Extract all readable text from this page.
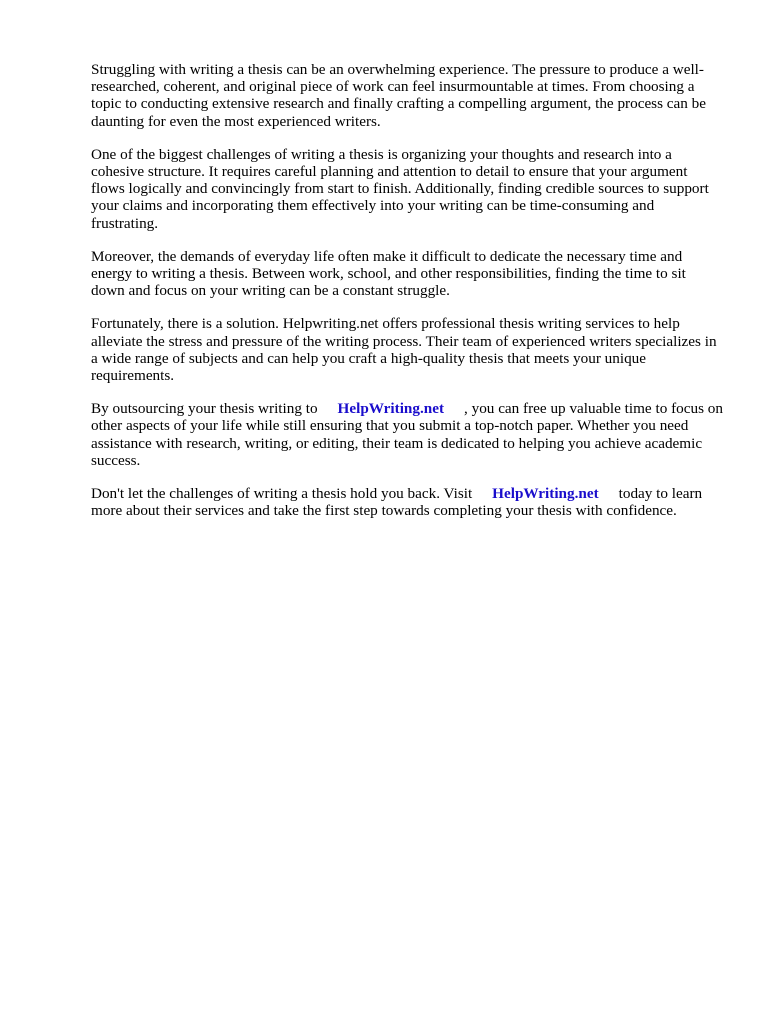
Struggling with writing a thesis can be an overwhelming experience. The pressure to produce a well-researched, coherent, and original piece of work can feel insurmountable at times. From choosing a topic to conducting extensive research and finally crafting a compelling argument, the process can be daunting for even the most experienced writers.

One of the biggest challenges of writing a thesis is organizing your thoughts and research into a cohesive structure. It requires careful planning and attention to detail to ensure that your argument flows logically and convincingly from start to finish. Additionally, finding credible sources to support your claims and incorporating them effectively into your writing can be time-consuming and frustrating.

Moreover, the demands of everyday life often make it difficult to dedicate the necessary time and energy to writing a thesis. Between work, school, and other responsibilities, finding the time to sit down and focus on your writing can be a constant struggle.

Fortunately, there is a solution. Helpwriting.net offers professional thesis writing services to help alleviate the stress and pressure of the writing process. Their team of experienced writers specializes in a wide range of subjects and can help you craft a high-quality thesis that meets your unique requirements.

By outsourcing your thesis writing to HelpWriting.net , you can free up valuable time to focus on other aspects of your life while still ensuring that you submit a top-notch paper. Whether you need assistance with research, writing, or editing, their team is dedicated to helping you achieve academic success.

Don't let the challenges of writing a thesis hold you back. Visit HelpWriting.net today to learn more about their services and take the first step towards completing your thesis with confidence.
